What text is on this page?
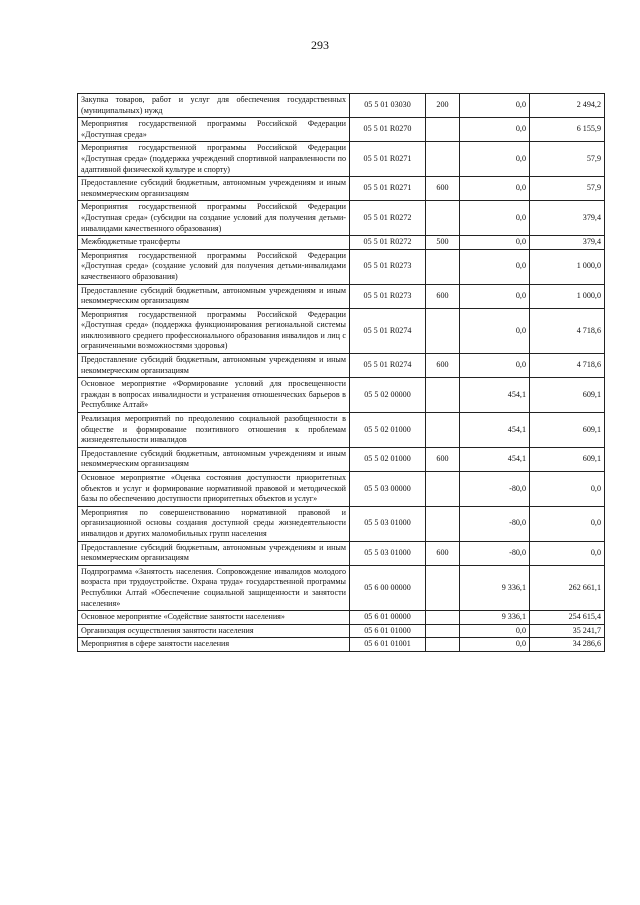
293
Закупка товаров, работ и услуг для обеспечения государственных (муниципальных) нужд	05 5 01 03030	200	0,0	2 494,2
Мероприятия государственной программы Российской Федерации «Доступная среда»	05 5 01 R0270		0,0	6 155,9
Мероприятия государственной программы Российской Федерации «Доступная среда» (поддержка учреждений спортивной направленности по адаптивной физической культуре и спорту)	05 5 01 R0271		0,0	57,9
Предоставление субсидий бюджетным, автономным учреждениям и иным некоммерческим организациям	05 5 01 R0271	600	0,0	57,9
Мероприятия государственной программы Российской Федерации «Доступная среда» (субсидии на создание условий для получения детьми-инвалидами качественного образования)	05 5 01 R0272		0,0	379,4
Межбюджетные трансферты	05 5 01 R0272	500	0,0	379,4
Мероприятия государственной программы Российской Федерации «Доступная среда» (создание условий для получения детьми-инвалидами качественного образования)	05 5 01 R0273		0,0	1 000,0
Предоставление субсидий бюджетным, автономным учреждениям и иным некоммерческим организациям	05 5 01 R0273	600	0,0	1 000,0
Мероприятия государственной программы Российской Федерации «Доступная среда» (поддержка функционирования региональной системы инклюзивного среднего профессионального образования инвалидов и лиц с ограниченными возможностями здоровья)	05 5 01 R0274		0,0	4 718,6
Предоставление субсидий бюджетным, автономным учреждениям и иным некоммерческим организациям	05 5 01 R0274	600	0,0	4 718,6
Основное мероприятие «Формирование условий для просвещенности граждан в вопросах инвалидности и устранения отношенческих барьеров в Республике Алтай»	05 5 02 00000		454,1	609,1
Реализация мероприятий по преодолению социальной разобщенности в обществе и формирование позитивного отношения к проблемам жизнедеятельности инвалидов	05 5 02 01000		454,1	609,1
Предоставление субсидий бюджетным, автономным учреждениям и иным некоммерческим организациям	05 5 02 01000	600	454,1	609,1
Основное мероприятие «Оценка состояния доступности приоритетных объектов и услуг и формирование нормативной правовой и методической базы по обеспечению доступности приоритетных объектов и услуг»	05 5 03 00000		-80,0	0,0
Мероприятия по совершенствованию нормативной правовой и организационной основы создания доступной среды жизнедеятельности инвалидов и других маломобильных групп населения	05 5 03 01000		-80,0	0,0
Предоставление субсидий бюджетным, автономным учреждениям и иным некоммерческим организациям	05 5 03 01000	600	-80,0	0,0
Подпрограмма «Занятость населения. Сопровождение инвалидов молодого возраста при трудоустройстве. Охрана труда» государственной программы Республики Алтай «Обеспечение социальной защищенности и занятости населения»	05 6 00 00000		9 336,1	262 661,1
Основное мероприятие «Содействие занятости населения»	05 6 01 00000		9 336,1	254 615,4
Организация осуществления занятости населения	05 6 01 01000		0,0	35 241,7
Мероприятия в сфере занятости населения	05 6 01 01001		0,0	34 286,6
